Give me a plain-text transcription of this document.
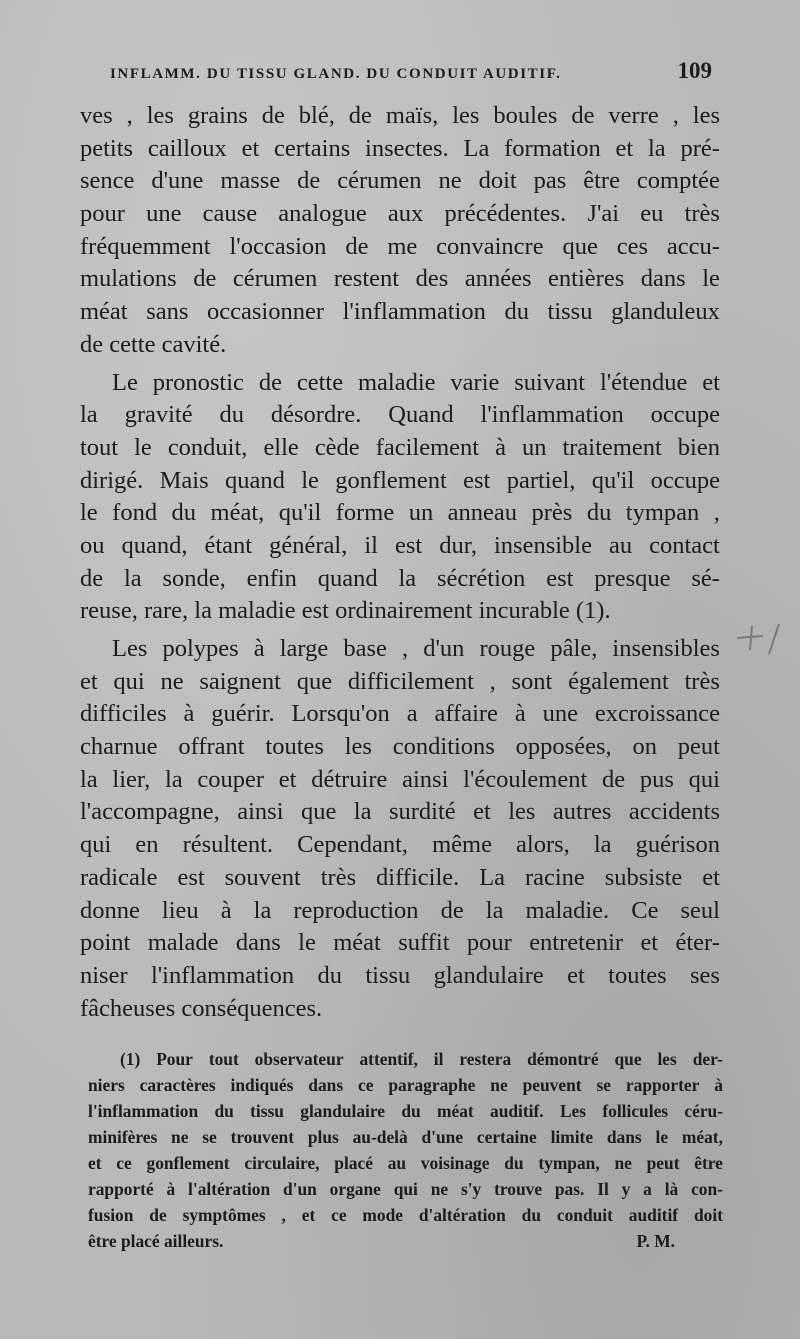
INFLAMM. DU TISSU GLAND. DU CONDUIT AUDITIF.	109
ves , les grains de blé, de maïs, les boules de verre , les
petits cailloux et certains insectes. La formation et la pré-
sence d'une masse de cérumen ne doit pas être comptée
pour une cause analogue aux précédentes. J'ai eu très
fréquemment l'occasion de me convaincre que ces accu-
mulations de cérumen restent des années entières dans le
méat sans occasionner l'inflammation du tissu glanduleux
de cette cavité.
Le pronostic de cette maladie varie suivant l'étendue et
la gravité du désordre. Quand l'inflammation occupe
tout le conduit, elle cède facilement à un traitement bien
dirigé. Mais quand le gonflement est partiel, qu'il occupe
le fond du méat, qu'il forme un anneau près du tympan ,
ou quand, étant général, il est dur, insensible au contact
de la sonde, enfin quand la sécrétion est presque sé-
reuse, rare, la maladie est ordinairement incurable (1).
Les polypes à large base , d'un rouge pâle, insensibles
et qui ne saignent que difficilement , sont également très
difficiles à guérir. Lorsqu'on a affaire à une excroissance
charnue offrant toutes les conditions opposées, on peut
la lier, la couper et détruire ainsi l'écoulement de pus qui
l'accompagne, ainsi que la surdité et les autres accidents
qui en résultent. Cependant, même alors, la guérison
radicale est souvent très difficile. La racine subsiste et
donne lieu à la reproduction de la maladie. Ce seul
point malade dans le méat suffit pour entretenir et éter-
niser l'inflammation du tissu glandulaire et toutes ses
fâcheuses conséquences.
(1) Pour tout observateur attentif, il restera démontré que les der-
niers caractères indiqués dans ce paragraphe ne peuvent se rapporter à
l'inflammation du tissu glandulaire du méat auditif. Les follicules céru-
minifères ne se trouvent plus au-delà d'une certaine limite dans le méat,
et ce gonflement circulaire, placé au voisinage du tympan, ne peut être
rapporté à l'altération d'un organe qui ne s'y trouve pas. Il y a là con-
fusion de symptômes , et ce mode d'altération du conduit auditif doit
être placé ailleurs.	P. M.
